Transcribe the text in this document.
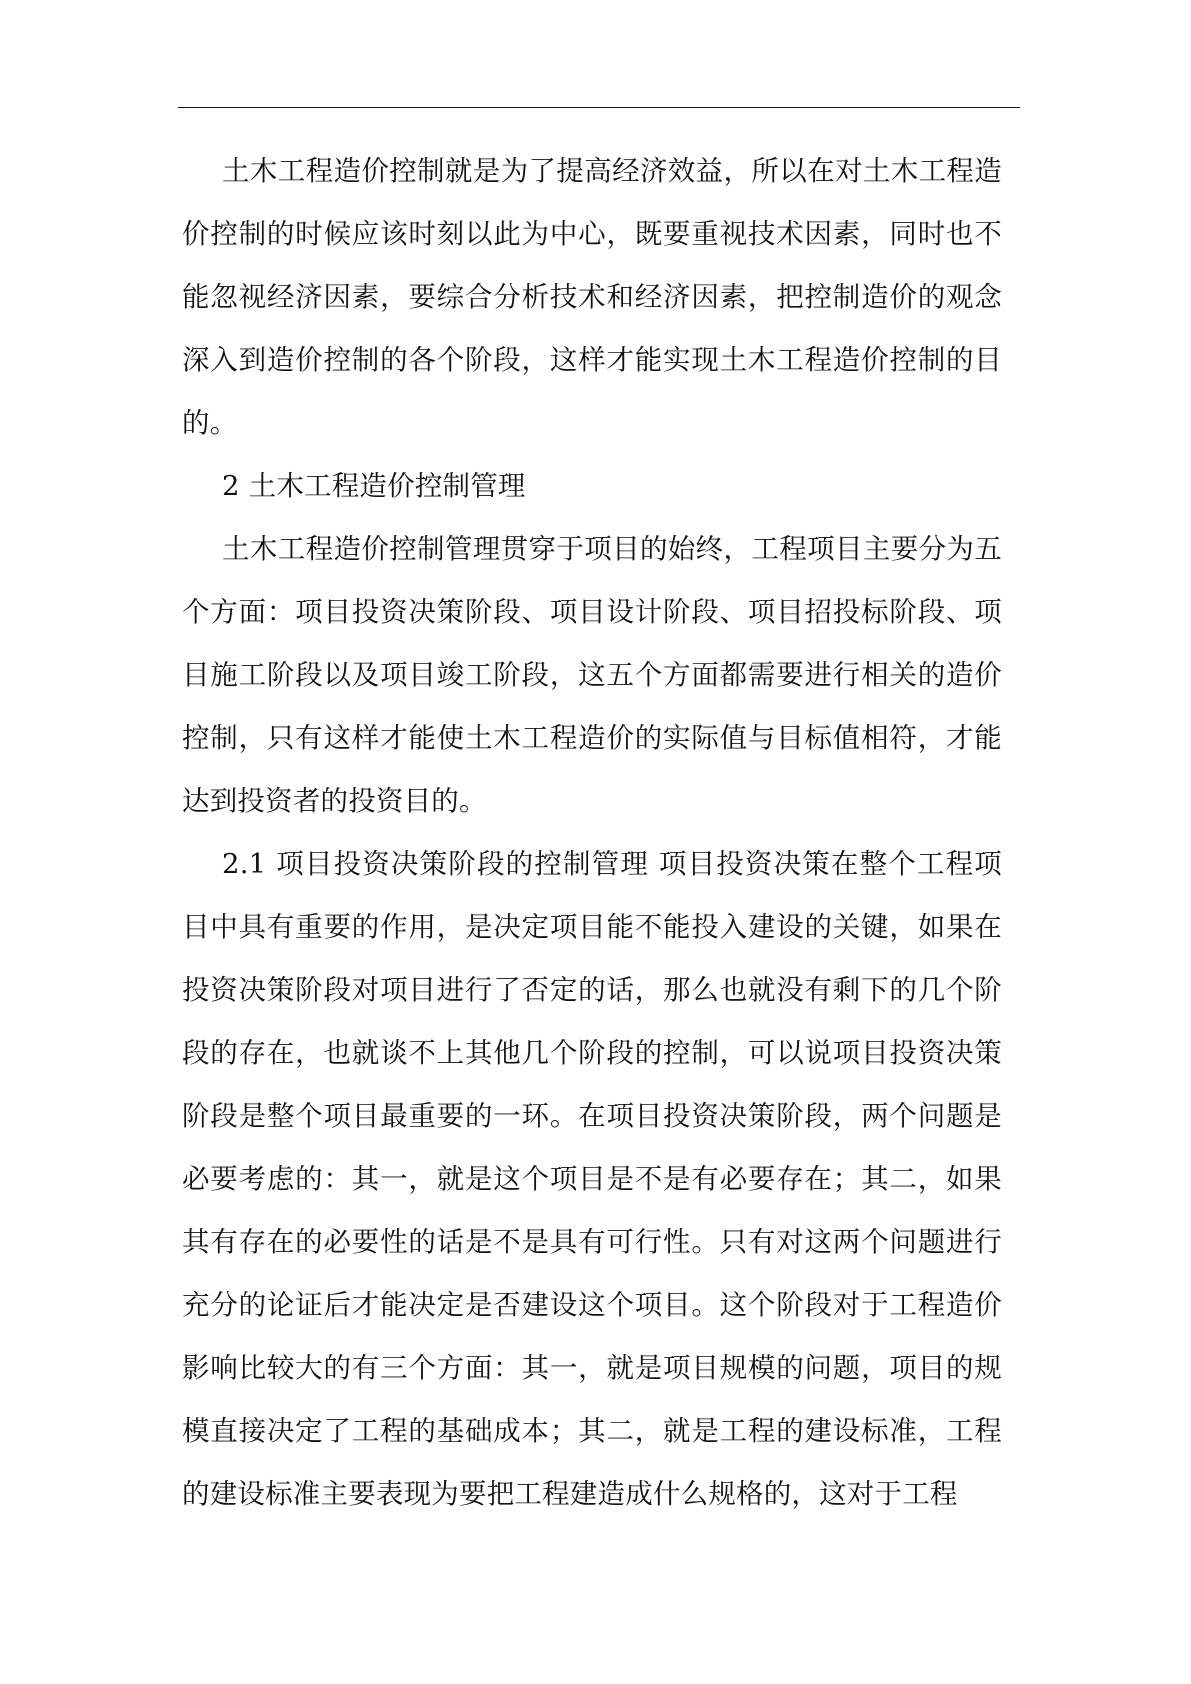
土木工程造价控制就是为了提高经济效益，所以在对土木工程造价控制的时候应该时刻以此为中心，既要重视技术因素，同时也不能忽视经济因素，要综合分析技术和经济因素，把控制造价的观念深入到造价控制的各个阶段，这样才能实现土木工程造价控制的目的。

2 土木工程造价控制管理

土木工程造价控制管理贯穿于项目的始终，工程项目主要分为五个方面：项目投资决策阶段、项目设计阶段、项目招投标阶段、项目施工阶段以及项目竣工阶段，这五个方面都需要进行相关的造价控制，只有这样才能使土木工程造价的实际值与目标值相符，才能达到投资者的投资目的。

2.1 项目投资决策阶段的控制管理 项目投资决策在整个工程项目中具有重要的作用，是决定项目能不能投入建设的关键，如果在投资决策阶段对项目进行了否定的话，那么也就没有剩下的几个阶段的存在，也就谈不上其他几个阶段的控制，可以说项目投资决策阶段是整个项目最重要的一环。在项目投资决策阶段，两个问题是必要考虑的：其一，就是这个项目是不是有必要存在；其二，如果其有存在的必要性的话是不是具有可行性。只有对这两个问题进行充分的论证后才能决定是否建设这个项目。这个阶段对于工程造价影响比较大的有三个方面：其一，就是项目规模的问题，项目的规模直接决定了工程的基础成本；其二，就是工程的建设标准，工程的建设标准主要表现为要把工程建造成什么规格的，这对于工程
